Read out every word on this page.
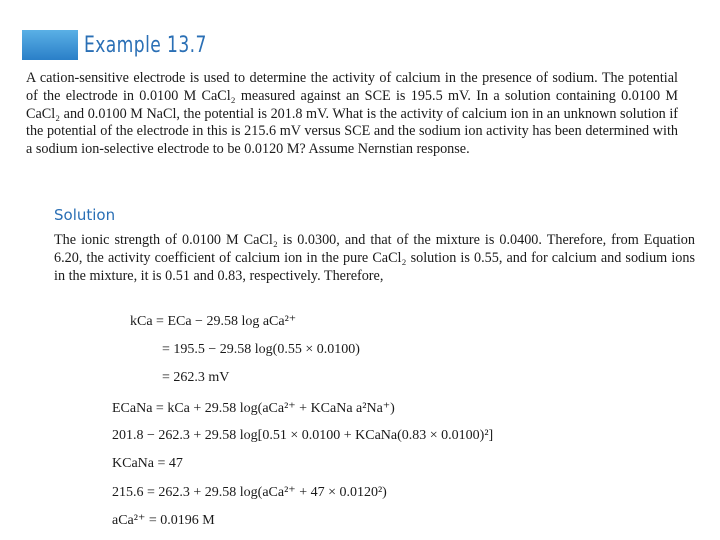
Example 13.7
A cation-sensitive electrode is used to determine the activity of calcium in the presence of sodium. The potential of the electrode in 0.0100 M CaCl₂ measured against an SCE is 195.5 mV. In a solution containing 0.0100 M CaCl₂ and 0.0100 M NaCl, the potential is 201.8 mV. What is the activity of calcium ion in an unknown solution if the potential of the electrode in this is 215.6 mV versus SCE and the sodium ion activity has been determined with a sodium ion-selective electrode to be 0.0120 M? Assume Nernstian response.
Solution
The ionic strength of 0.0100 M CaCl₂ is 0.0300, and that of the mixture is 0.0400. Therefore, from Equation 6.20, the activity coefficient of calcium ion in the pure CaCl₂ solution is 0.55, and for calcium and sodium ions in the mixture, it is 0.51 and 0.83, respectively. Therefore,
kCa = ECa − 29.58 log aCa²⁺
= 195.5 − 29.58 log(0.55 × 0.0100)
= 262.3 mV
ECaNa = kCa + 29.58 log(aCa²⁺ + KCaNa a²Na⁺)
201.8 − 262.3 + 29.58 log[0.51 × 0.0100 + KCaNa(0.83 × 0.0100)²]
KCaNa = 47
215.6 = 262.3 + 29.58 log(aCa²⁺ + 47 × 0.0120²)
aCa²⁺ = 0.0196 M
